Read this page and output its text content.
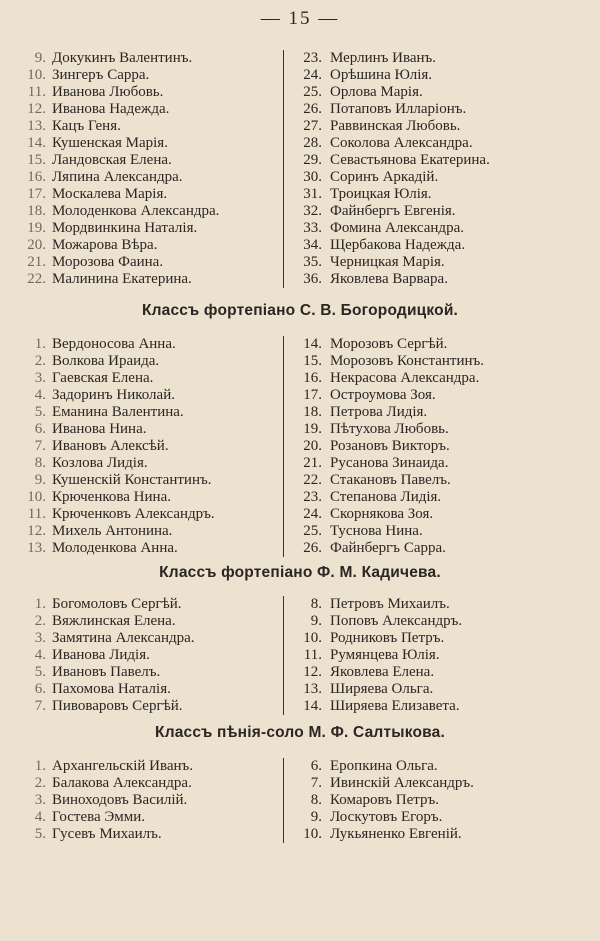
— 15 —
9. Докукинъ Валентинъ.
10. Зингеръ Сарра.
11. Иванова Любовь.
12. Иванова Надежда.
13. Кацъ Геня.
14. Кушенская Марія.
15. Ландовская Елена.
16. Ляпина Александра.
17. Москалева Марія.
18. Молоденкова Александра.
19. Мордвинкина Наталія.
20. Можарова Вѣра.
21. Морозова Фаина.
22. Малинина Екатерина.
23. Мерлинъ Иванъ.
24. Орѣшина Юлія.
25. Орлова Марія.
26. Потаповъ Илларіонъ.
27. Раввинская Любовь.
28. Соколова Александра.
29. Севастьянова Екатерина.
30. Соринъ Аркадій.
31. Троицкая Юлія.
32. Файнбергъ Евгенія.
33. Фомина Александра.
34. Щербакова Надежда.
35. Черницкая Марія.
36. Яковлева Варвара.
Классъ фортепіано С. В. Богородицкой.
1. Вердоносова Анна.
2. Волкова Ираида.
3. Гаевская Елена.
4. Задоринъ Николай.
5. Еманина Валентина.
6. Иванова Нина.
7. Ивановъ Алексѣй.
8. Козлова Лидія.
9. Кушенскій Константинъ.
10. Крюченкова Нина.
11. Крюченковъ Александръ.
12. Михель Антонина.
13. Молоденкова Анна.
14. Морозовъ Сергѣй.
15. Морозовъ Константинъ.
16. Некрасова Александра.
17. Остроумова Зоя.
18. Петрова Лидія.
19. Пѣтухова Любовь.
20. Розановъ Викторъ.
21. Русанова Зинаида.
22. Стакановъ Павелъ.
23. Степанова Лидія.
24. Скорнякова Зоя.
25. Туснова Нина.
26. Файнбергъ Сарра.
Классъ фортепіано Ф. М. Кадичева.
1. Богомоловъ Сергѣй.
2. Вяжлинская Елена.
3. Замятина Александра.
4. Иванова Лидія.
5. Ивановъ Павелъ.
6. Пахомова Наталія.
7. Пивоваровъ Сергѣй.
8. Петровъ Михаилъ.
9. Поповъ Александръ.
10. Родниковъ Петръ.
11. Румянцева Юлія.
12. Яковлева Елена.
13. Ширяева Ольга.
14. Ширяева Елизавета.
Классъ пѣнія-соло М. Ф. Салтыкова.
1. Архангельскій Иванъ.
2. Балакова Александра.
3. Виноходовъ Василій.
4. Гостева Эмми.
5. Гусевъ Михаилъ.
6. Еропкина Ольга.
7. Ивинскій Александръ.
8. Комаровъ Петръ.
9. Лоскутовъ Егоръ.
10. Лукьяненко Евгеній.
